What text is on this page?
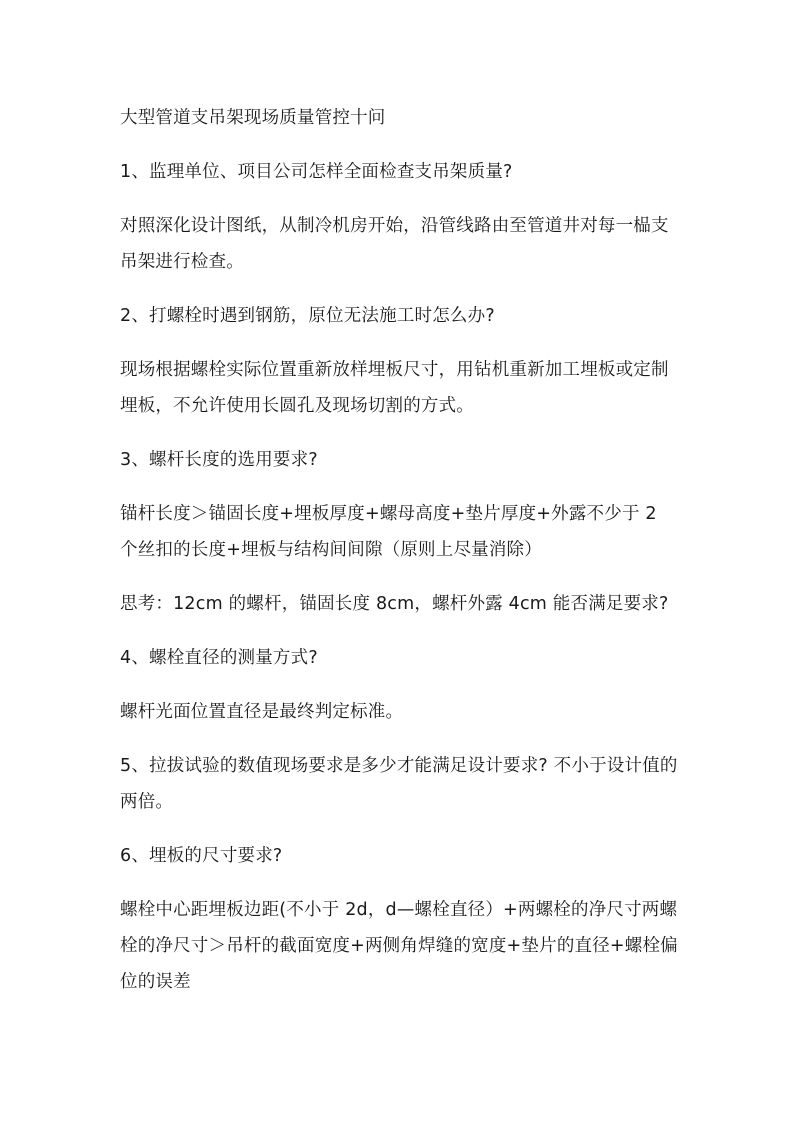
大型管道支吊架现场质量管控十问

1、监理单位、项目公司怎样全面检查支吊架质量?

对照深化设计图纸，从制冷机房开始，沿管线路由至管道井对每一榀支吊架进行检查。

2、打螺栓时遇到钢筋，原位无法施工时怎么办?

现场根据螺栓实际位置重新放样埋板尺寸，用钻机重新加工埋板或定制埋板，不允许使用长圆孔及现场切割的方式。

3、螺杆长度的选用要求?

锚杆长度＞锚固长度+埋板厚度+螺母高度+垫片厚度+外露不少于 2 个丝扣的长度+埋板与结构间间隙（原则上尽量消除）

思考：12cm 的螺杆，锚固长度 8cm，螺杆外露 4cm 能否满足要求?

4、螺栓直径的测量方式?

螺杆光面位置直径是最终判定标准。

5、拉拔试验的数值现场要求是多少才能满足设计要求? 不小于设计值的两倍。

6、埋板的尺寸要求?

螺栓中心距埋板边距(不小于 2d，d—螺栓直径）+两螺栓的净尺寸两螺栓的净尺寸＞吊杆的截面宽度+两侧角焊缝的宽度+垫片的直径+螺栓偏位的误差
